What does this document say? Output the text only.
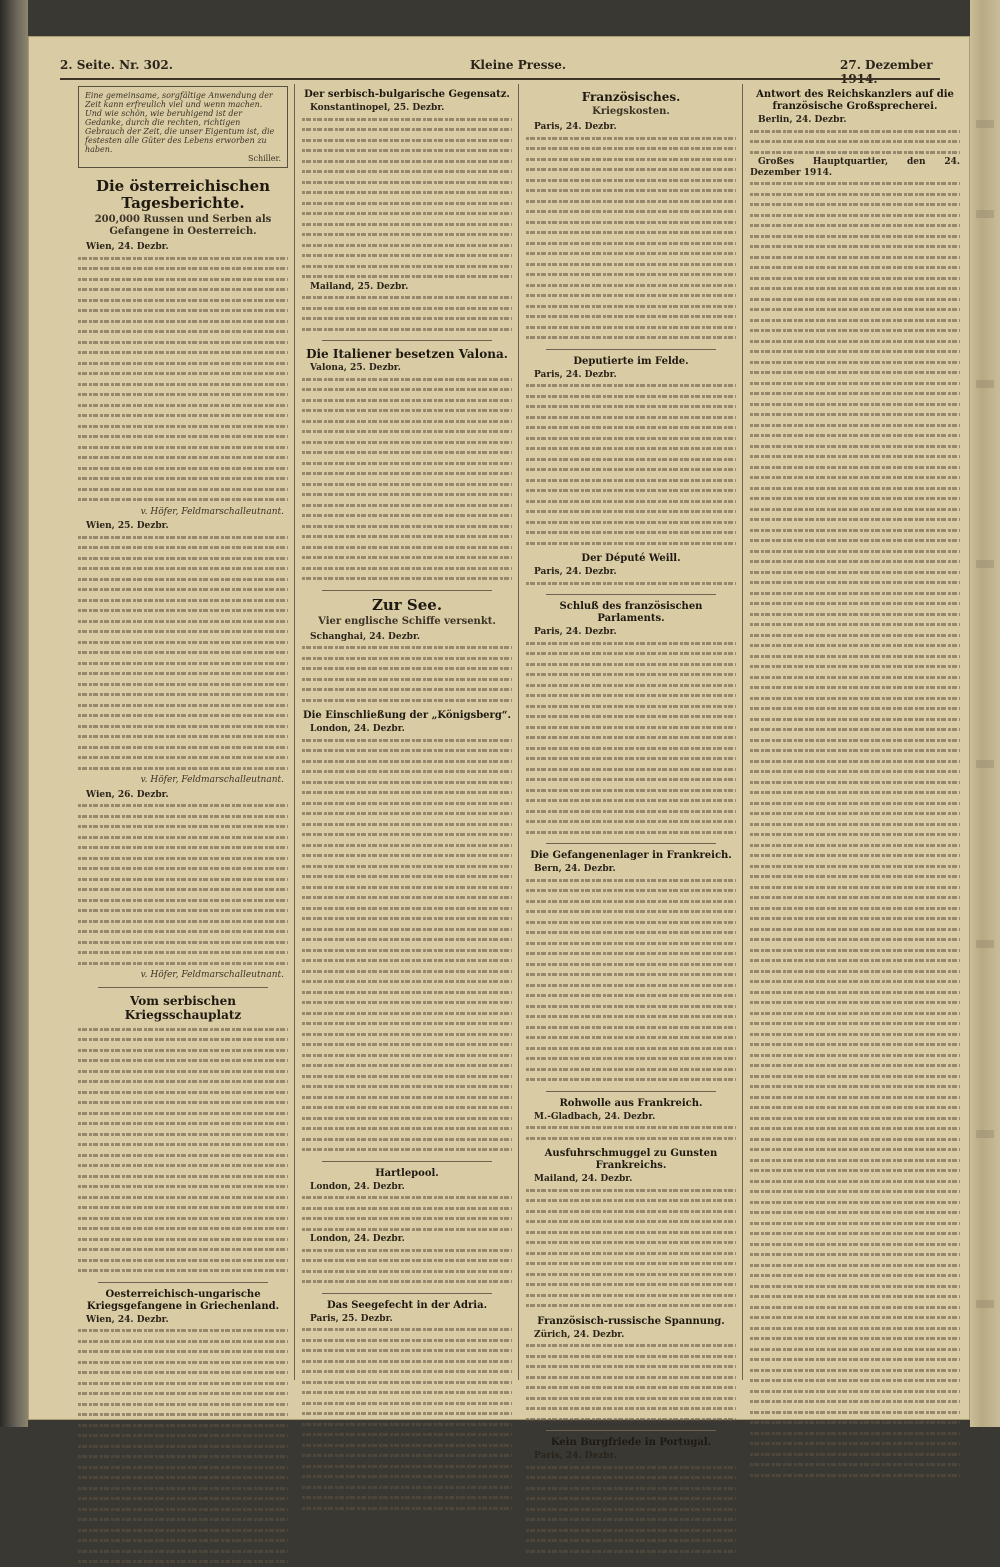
2. Seite. Nr. 302.	Kleine Presse.	27. Dezember
Eine gemeinsame, sorgfältige Anwendung der Zeit kann erfreulich viel und wenn machen. Und wie schön, wie beruhigend ist der Gedanke, durch die rechten, richtigen Gebrauch der Zeit, die unser Eigentum ist, die festesten alle Güter des Lebens erworben zu haben.
Schiller.
Die österreichischen Tagesberichte.
200,000 Russen und Serben als Gefangene in Oesterreich.

Wien, 24. Dezbr.

v. Höfer, Feldmarschalleutnant.

Wien, 25. Dezbr.

v. Höfer, Feldmarschalleutnant.

Wien, 26. Dezbr.

v. Höfer, Feldmarschalleutnant.
Vom serbischen Kriegsschauplatz
Oesterreichisch-ungarische Kriegsgefangene in Griechenland.

Wien, 24. Dezbr.

Der serbisch-bulgarische Gegensatz.

Konstantinopel, 25. Dezbr.

Mailand, 25. Dezbr.

Die Italiener besetzen Valona.

Valona, 25. Dezbr.

Zur See.
Vier englische Schiffe versenkt.

Schanghai, 24. Dezbr.

Die Einschließung der „Königsberg“.

London, 24. Dezbr.

Hartlepool.

London, 24. Dezbr.

London, 24. Dezbr.

Das Seegefecht in der Adria.

Paris, 25. Dezbr.

Französisches.
Kriegskosten.

Paris, 24. Dezbr.

Deputierte im Felde.

Paris, 24. Dezbr.

Der Député Weill.

Paris, 24. Dezbr.

Schluß des französischen Parlaments.

Paris, 24. Dezbr.

Die Gefangenenlager in Frankreich.

Bern, 24. Dezbr.

Rohwolle aus Frankreich.

M.-Gladbach, 24. Dezbr.

Ausfuhrschmuggel zu Gunsten Frankreichs.

Mailand, 24. Dezbr.

Französisch-russische Spannung.

Zürich, 24. Dezbr.

Kein Burgfriede in Portugal.

Paris, 24. Dezbr.

Antwort des Reichskanzlers auf die französische Großsprecherei.

Berlin, 24. Dezbr.

Großes Hauptquartier, den 24. Dezember 1914.
